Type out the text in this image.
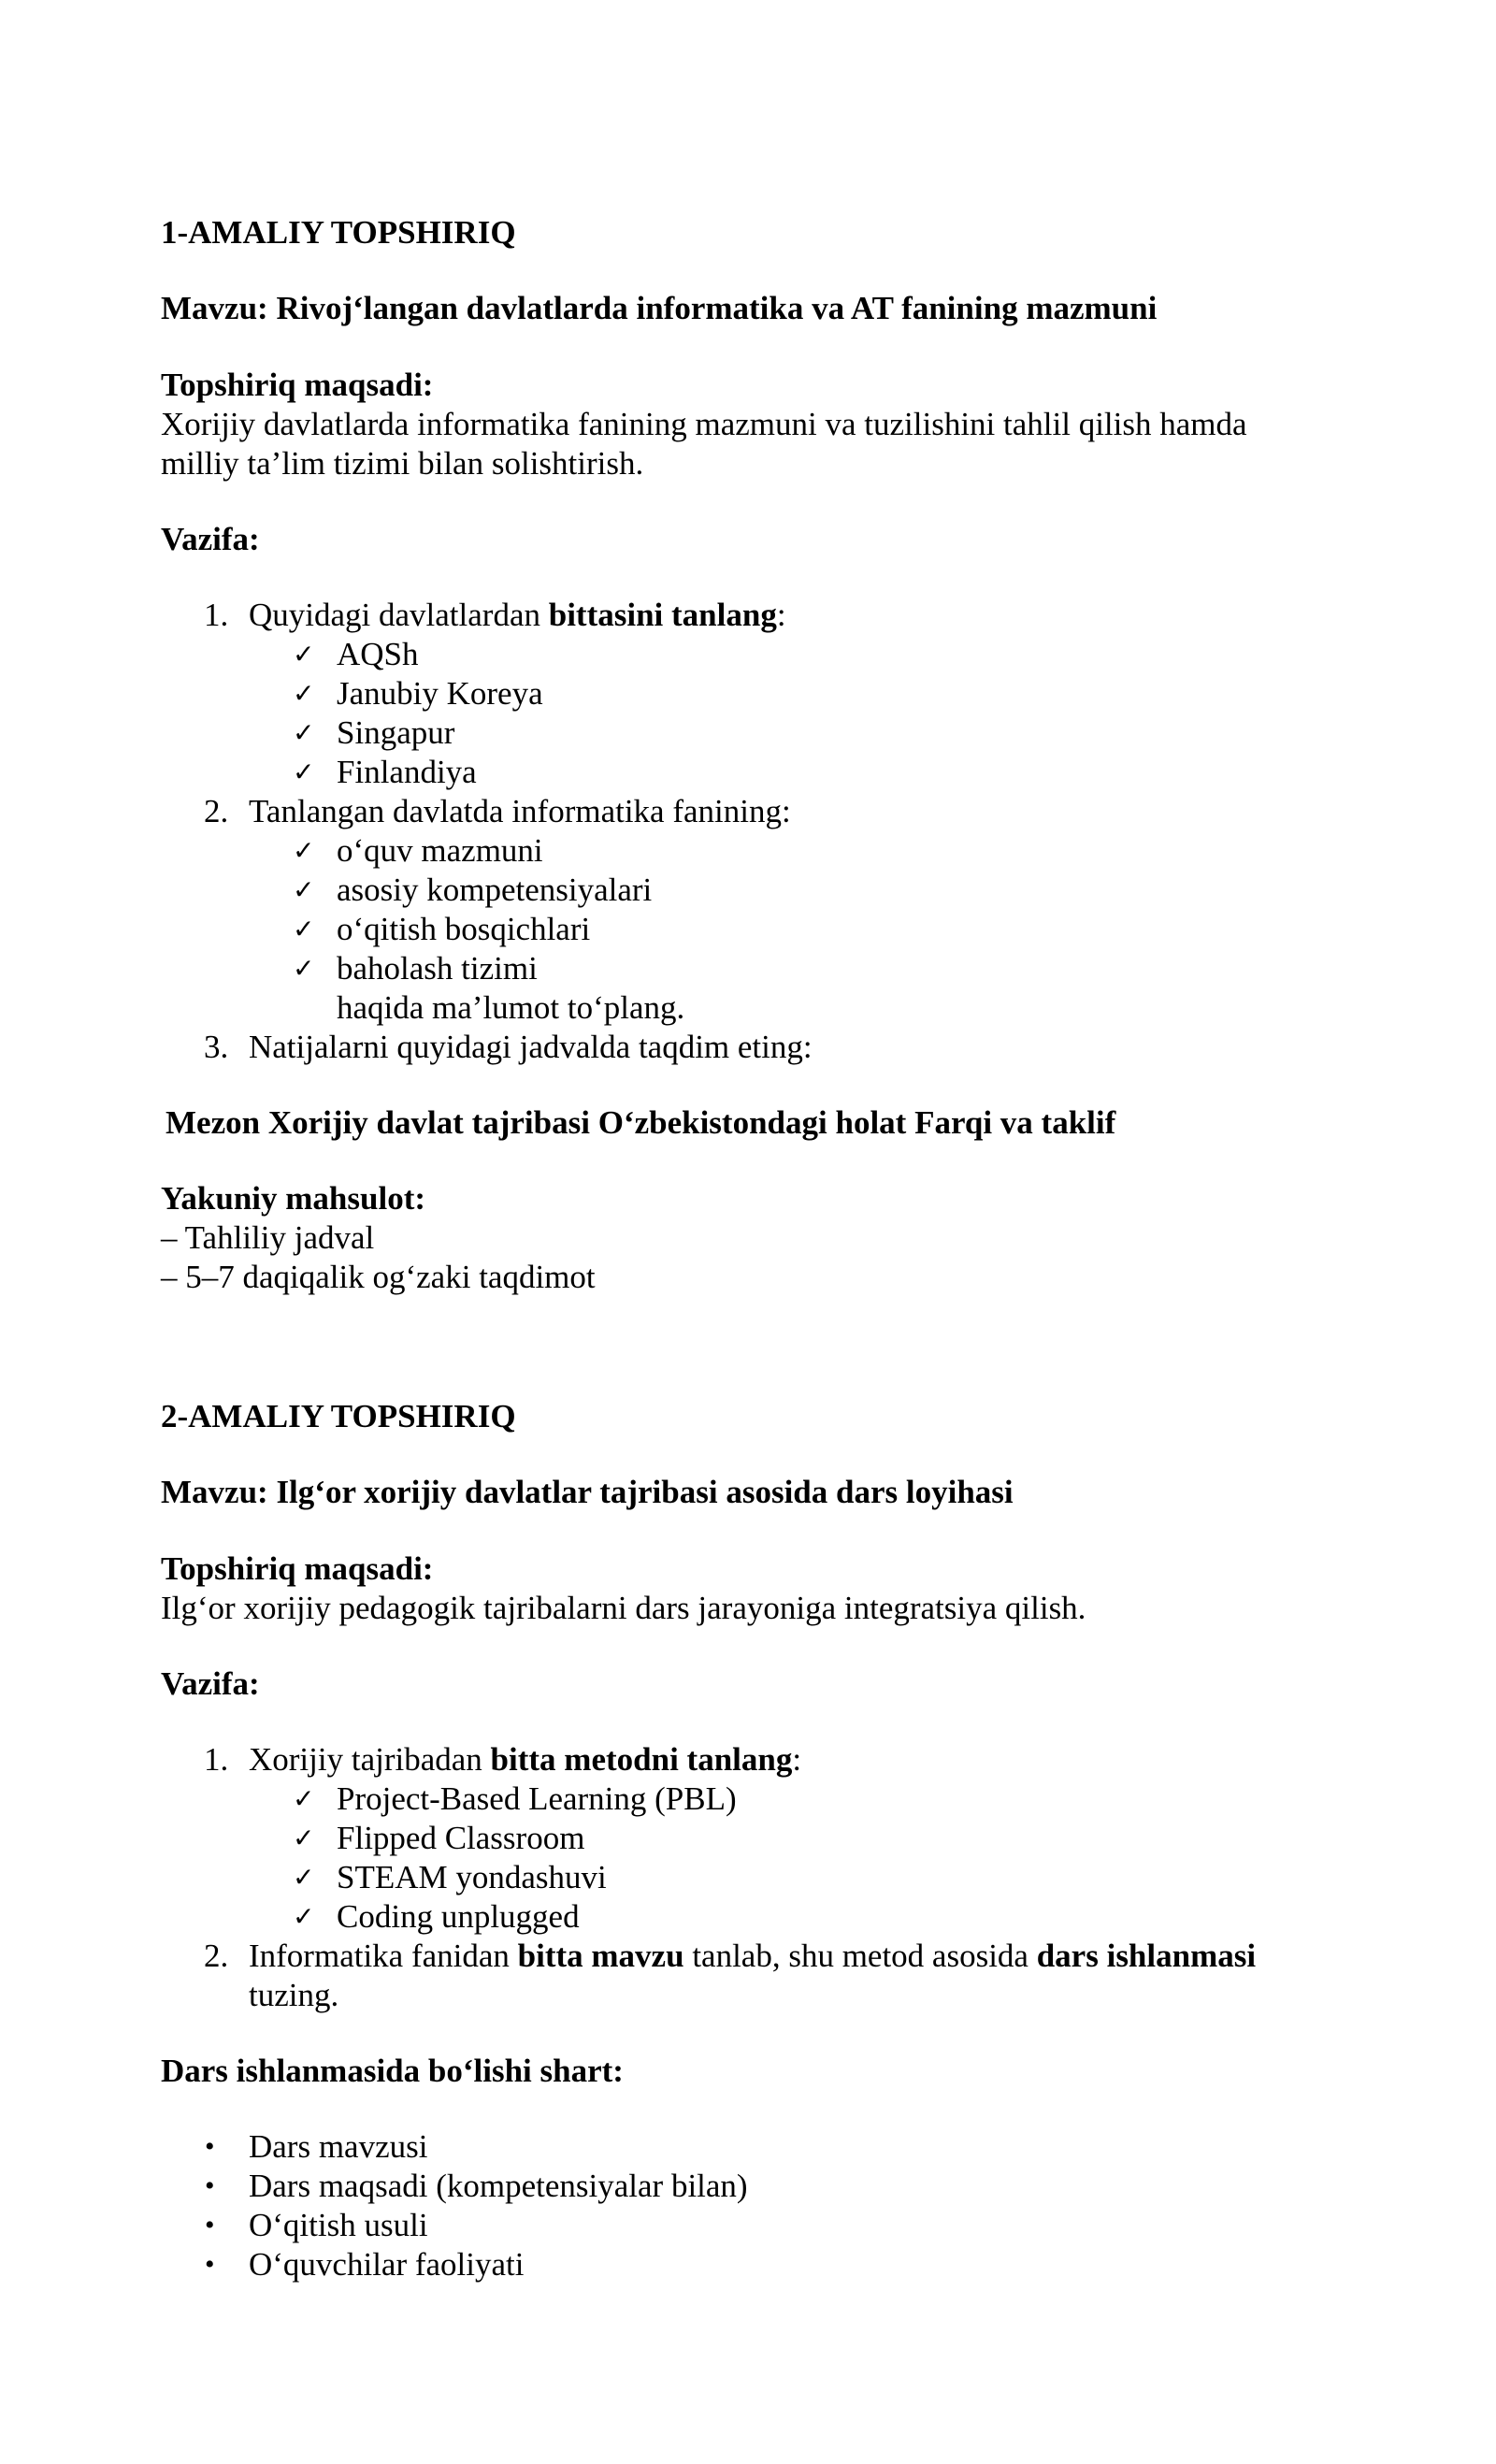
1-AMALIY TOPSHIRIQ
Mavzu: Rivoj‘langan davlatlarda informatika va AT fanining mazmuni
Topshiriq maqsadi:
Xorijiy davlatlarda informatika fanining mazmuni va tuzilishini tahlil qilish hamda
milliy ta’lim tizimi bilan solishtirish.
Vazifa:
1. Quyidagi davlatlardan bittasini tanlang:
✓ AQSh
✓ Janubiy Koreya
✓ Singapur
✓ Finlandiya
2. Tanlangan davlatda informatika fanining:
✓ o‘quv mazmuni
✓ asosiy kompetensiyalari
✓ o‘qitish bosqichlari
✓ baholash tizimi
haqida ma’lumot to‘plang.
3. Natijalarni quyidagi jadvalda taqdim eting:
Mezon Xorijiy davlat tajribasi O‘zbekistondagi holat Farqi va taklif
Yakuniy mahsulot:
– Tahliliy jadval
– 5–7 daqiqalik og‘zaki taqdimot
2-AMALIY TOPSHIRIQ
Mavzu: Ilg‘or xorijiy davlatlar tajribasi asosida dars loyihasi
Topshiriq maqsadi:
Ilg‘or xorijiy pedagogik tajribalarni dars jarayoniga integratsiya qilish.
Vazifa:
1. Xorijiy tajribadan bitta metodni tanlang:
✓ Project-Based Learning (PBL)
✓ Flipped Classroom
✓ STEAM yondashuvi
✓ Coding unplugged
2. Informatika fanidan bitta mavzu tanlab, shu metod asosida dars ishlanmasi
tuzing.
Dars ishlanmasida bo‘lishi shart:
• Dars mavzusi
• Dars maqsadi (kompetensiyalar bilan)
• O‘qitish usuli
• O‘quvchilar faoliyati
